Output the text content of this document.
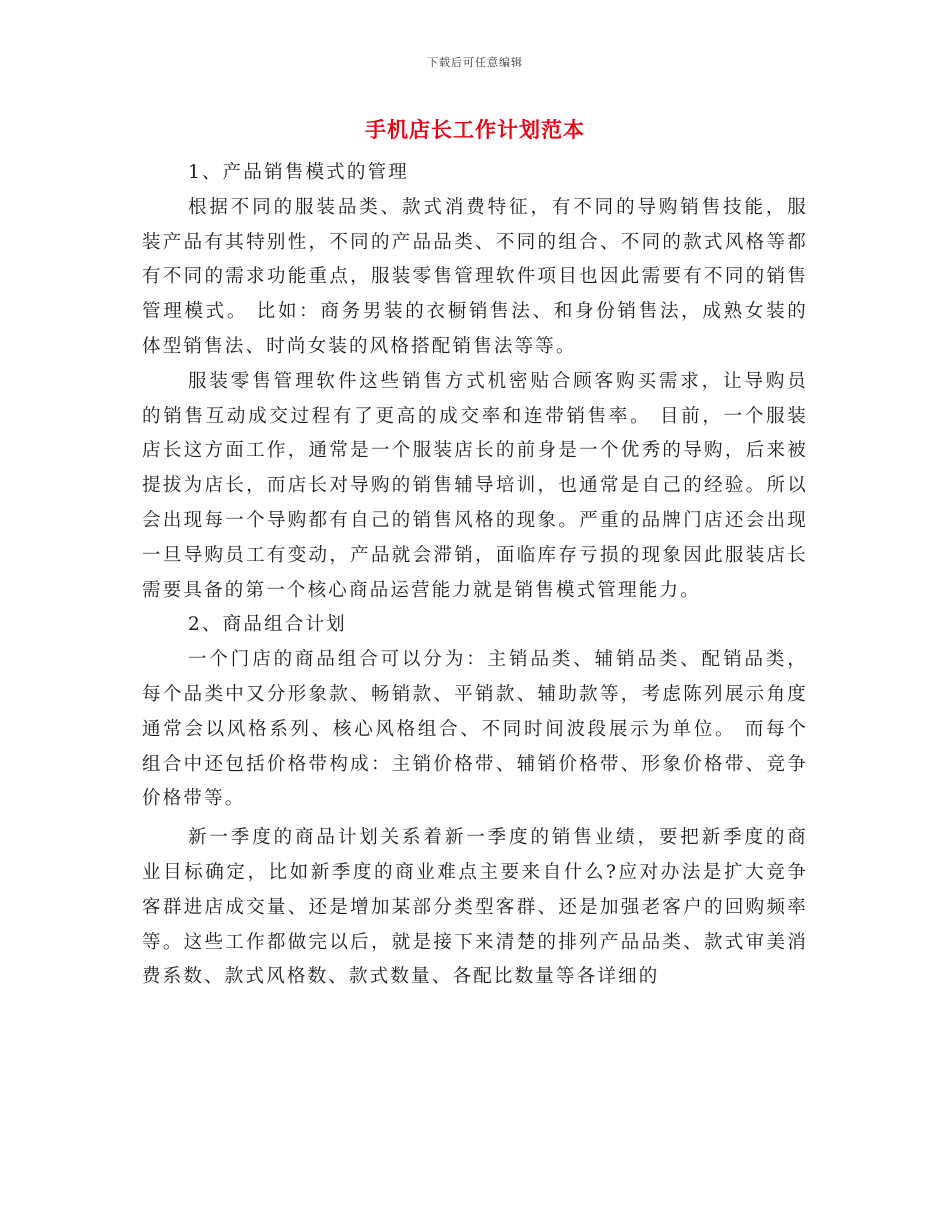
下载后可任意编辑
手机店长工作计划范本

1、产品销售模式的管理

根据不同的服装品类、款式消费特征，有不同的导购销售技能，服装产品有其特别性，不同的产品品类、不同的组合、不同的款式风格等都有不同的需求功能重点，服装零售管理软件项目也因此需要有不同的销售管理模式。 比如：商务男装的衣橱销售法、和身份销售法，成熟女装的体型销售法、时尚女装的风格搭配销售法等等。

服装零售管理软件这些销售方式机密贴合顾客购买需求，让导购员的销售互动成交过程有了更高的成交率和连带销售率。 目前，一个服装店长这方面工作，通常是一个服装店长的前身是一个优秀的导购，后来被提拔为店长，而店长对导购的销售辅导培训，也通常是自己的经验。所以会出现每一个导购都有自己的销售风格的现象。严重的品牌门店还会出现一旦导购员工有变动，产品就会滞销，面临库存亏损的现象因此服装店长需要具备的第一个核心商品运营能力就是销售模式管理能力。

2、商品组合计划

一个门店的商品组合可以分为：主销品类、辅销品类、配销品类，每个品类中又分形象款、畅销款、平销款、辅助款等，考虑陈列展示角度通常会以风格系列、核心风格组合、不同时间波段展示为单位。 而每个组合中还包括价格带构成：主销价格带、辅销价格带、形象价格带、竞争价格带等。

新一季度的商品计划关系着新一季度的销售业绩，要把新季度的商业目标确定，比如新季度的商业难点主要来自什么?应对办法是扩大竞争客群进店成交量、还是增加某部分类型客群、还是加强老客户的回购频率等。这些工作都做完以后，就是接下来清楚的排列产品品类、款式审美消费系数、款式风格数、款式数量、各配比数量等各详细的
